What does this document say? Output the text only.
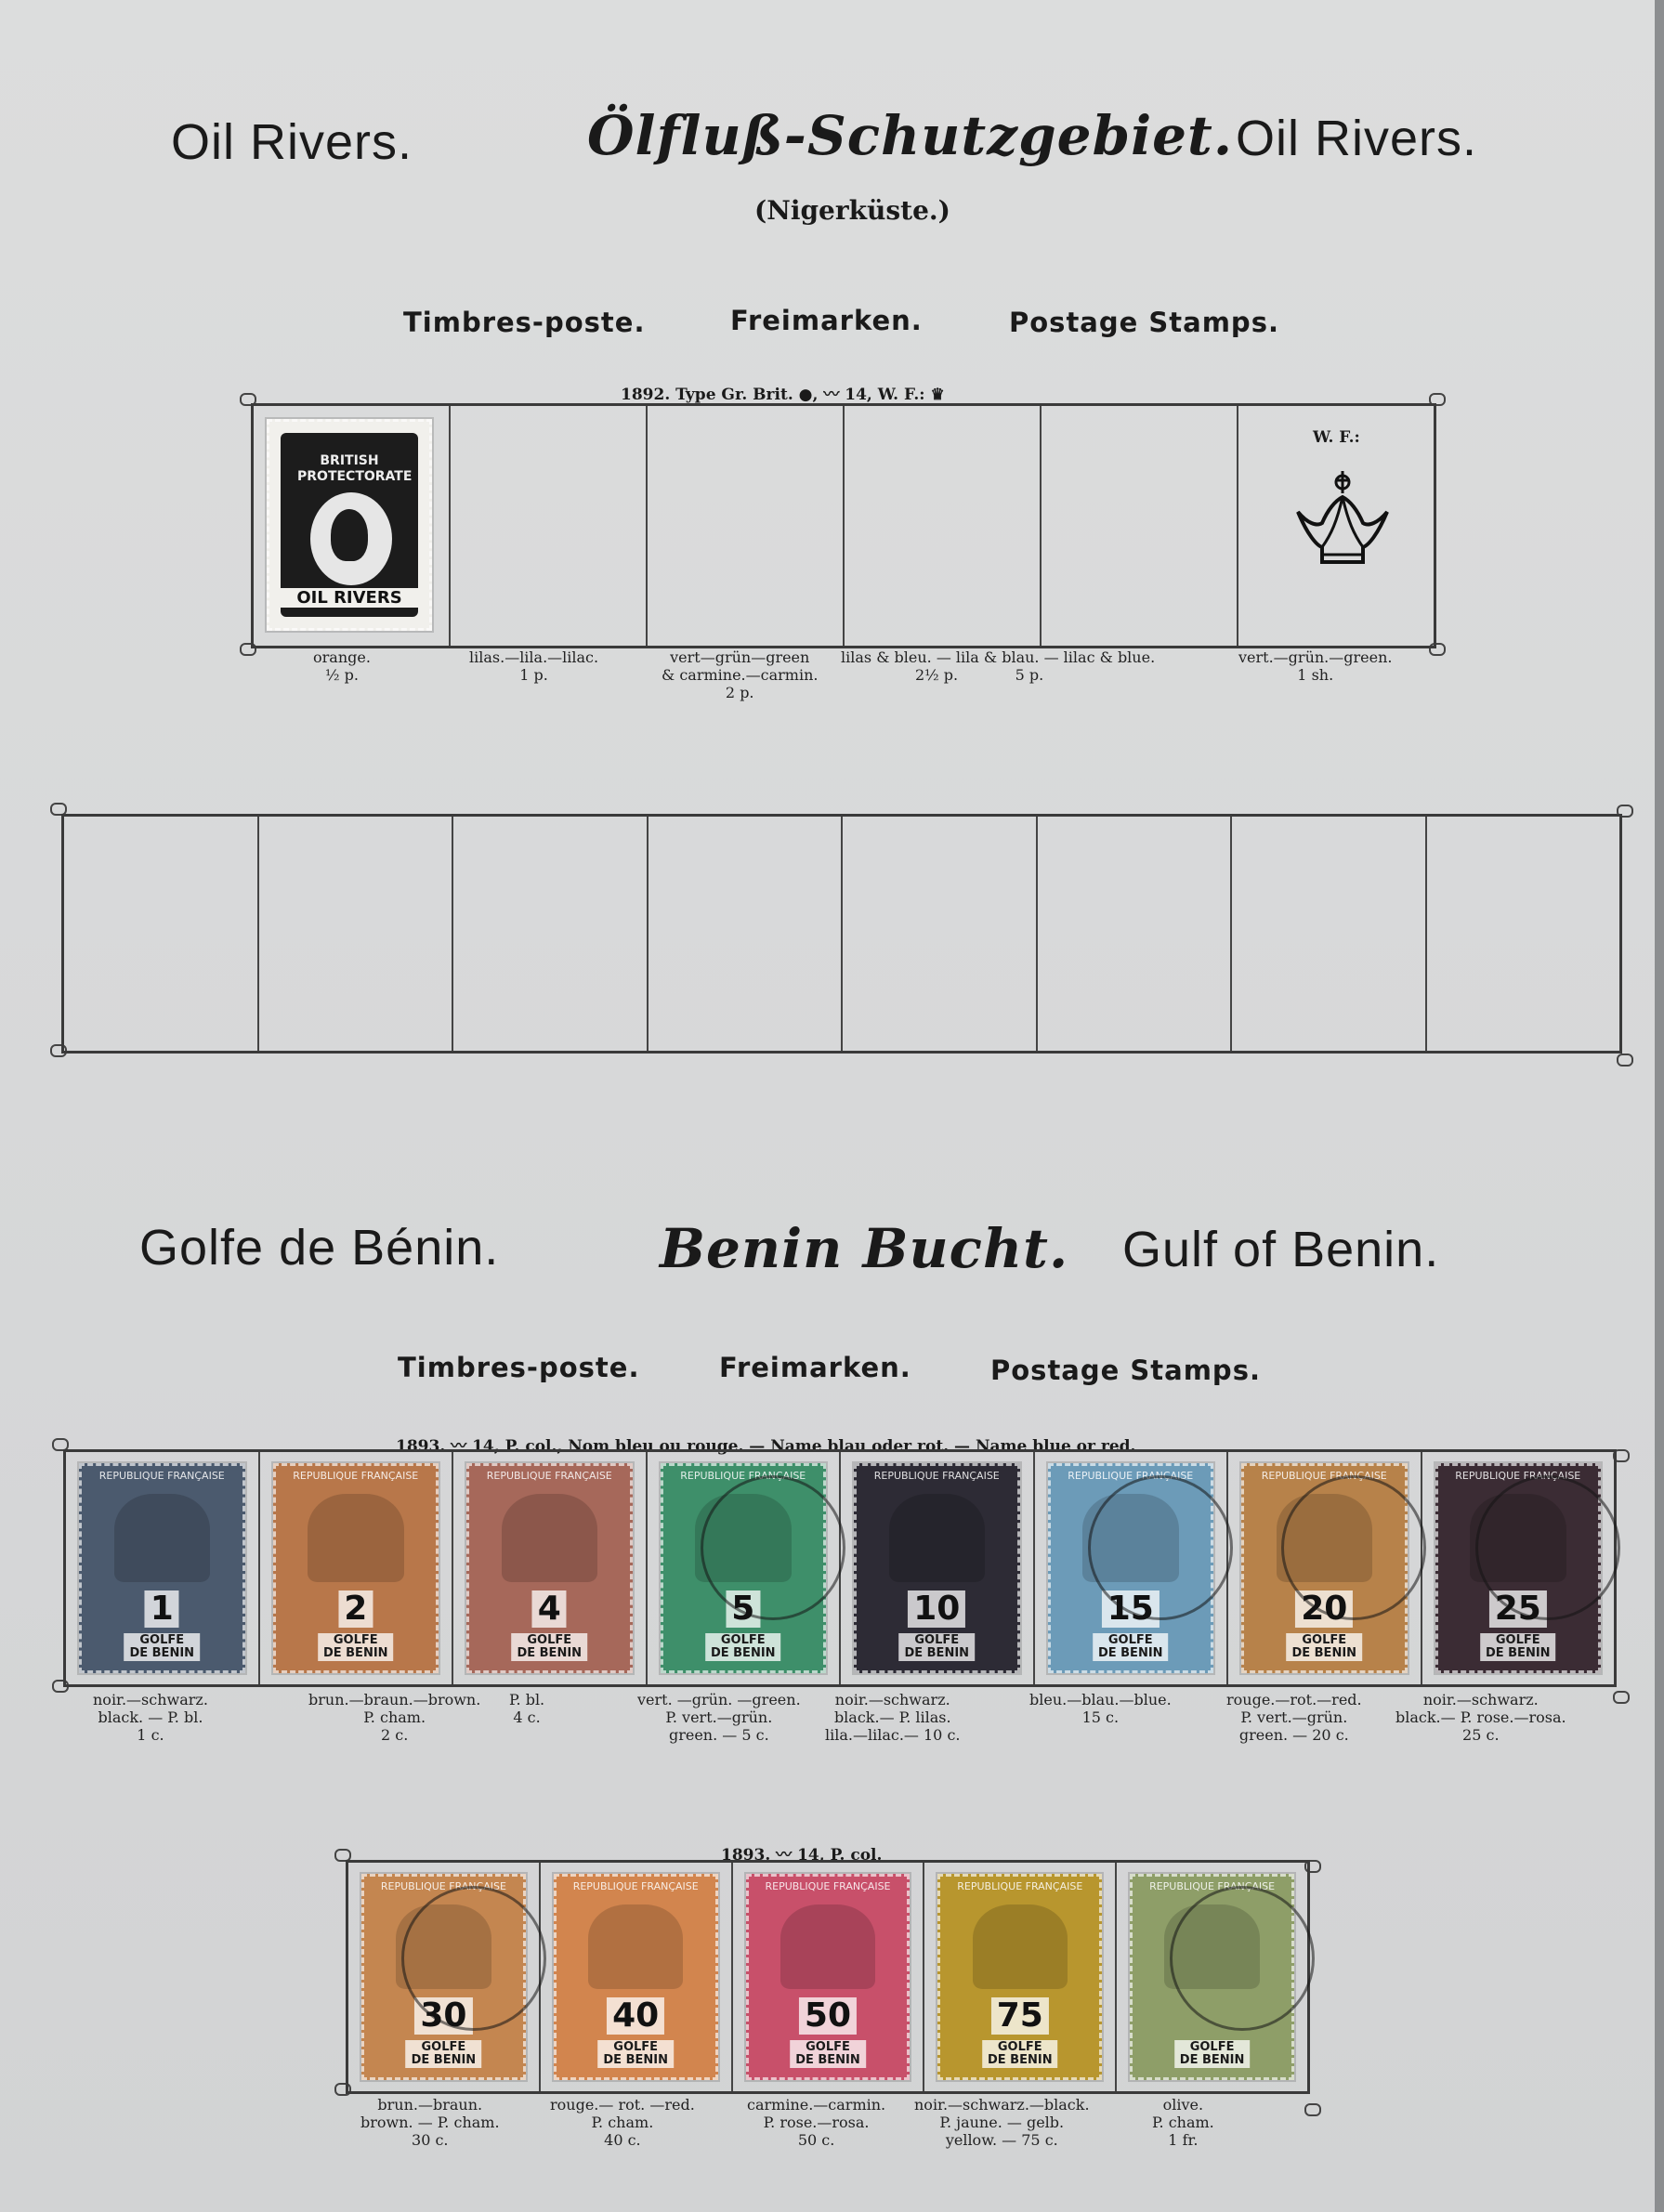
Oil Rivers.	Ölfluß-Schutzgebiet. Oil Rivers.
(Nigerküste.)
Timbres-poste.	Freimarken.	Postage Stamps.
1892. Type Gr. Brit. ●, 〰 14, W. F.: ♛
BRITISH
PROTECTORATE
OIL RIVERS
W. F.:
orange.
½ p.
lilas.—lila.—lilac.
1 p.
vert—grün—green
& carmine.—carmin.
2 p.
lilas & bleu. — lila & blau. — lilac & blue.
2½ p.	5 p.
vert.—grün.—green.
1 sh.
Golfe de Bénin.	Benin Bucht. Gulf of Benin.
Timbres-poste.	Freimarken.	Postage Stamps.
1893. 〰 14, P. col., Nom bleu ou rouge. — Name blau oder rot. — Name blue or red.
REPUBLIQUE FRANÇAISE
1
GOLFE
DE BENIN
REPUBLIQUE FRANÇAISE
2
GOLFE
DE BENIN
REPUBLIQUE FRANÇAISE
4
GOLFE
DE BENIN
REPUBLIQUE FRANÇAISE
5
GOLFE
DE BENIN
REPUBLIQUE FRANÇAISE
10
GOLFE
DE BENIN
REPUBLIQUE FRANÇAISE
15
GOLFE
DE BENIN
REPUBLIQUE FRANÇAISE
20
GOLFE
DE BENIN
REPUBLIQUE FRANÇAISE
25
GOLFE
DE BENIN
noir.—schwarz.
black. — P. bl.
1 c.
brun.—braun.—brown.
P. cham.
2 c.
P. bl.
4 c.
vert. —grün. —green.
P. vert.—grün.
green. — 5 c.
noir.—schwarz.
black.— P. lilas.
lila.—lilac.— 10 c.
bleu.—blau.—blue.
15 c.
rouge.—rot.—red.
P. vert.—grün.
green. — 20 c.
noir.—schwarz.
black.— P. rose.—rosa.
25 c.
1893. 〰 14, P. col.
REPUBLIQUE FRANÇAISE
30
GOLFE
DE BENIN
REPUBLIQUE FRANÇAISE
40
GOLFE
DE BENIN
REPUBLIQUE FRANÇAISE
50
GOLFE
DE BENIN
REPUBLIQUE FRANÇAISE
75
GOLFE
DE BENIN
REPUBLIQUE FRANÇAISE
GOLFE
DE BENIN
brun.—braun.
brown. — P. cham.
30 c.
rouge.— rot. —red.
P. cham.
40 c.
carmine.—carmin.
P. rose.—rosa.
50 c.
noir.—schwarz.—black.
P. jaune. — gelb.
yellow. — 75 c.
olive.
P. cham.
1 fr.
